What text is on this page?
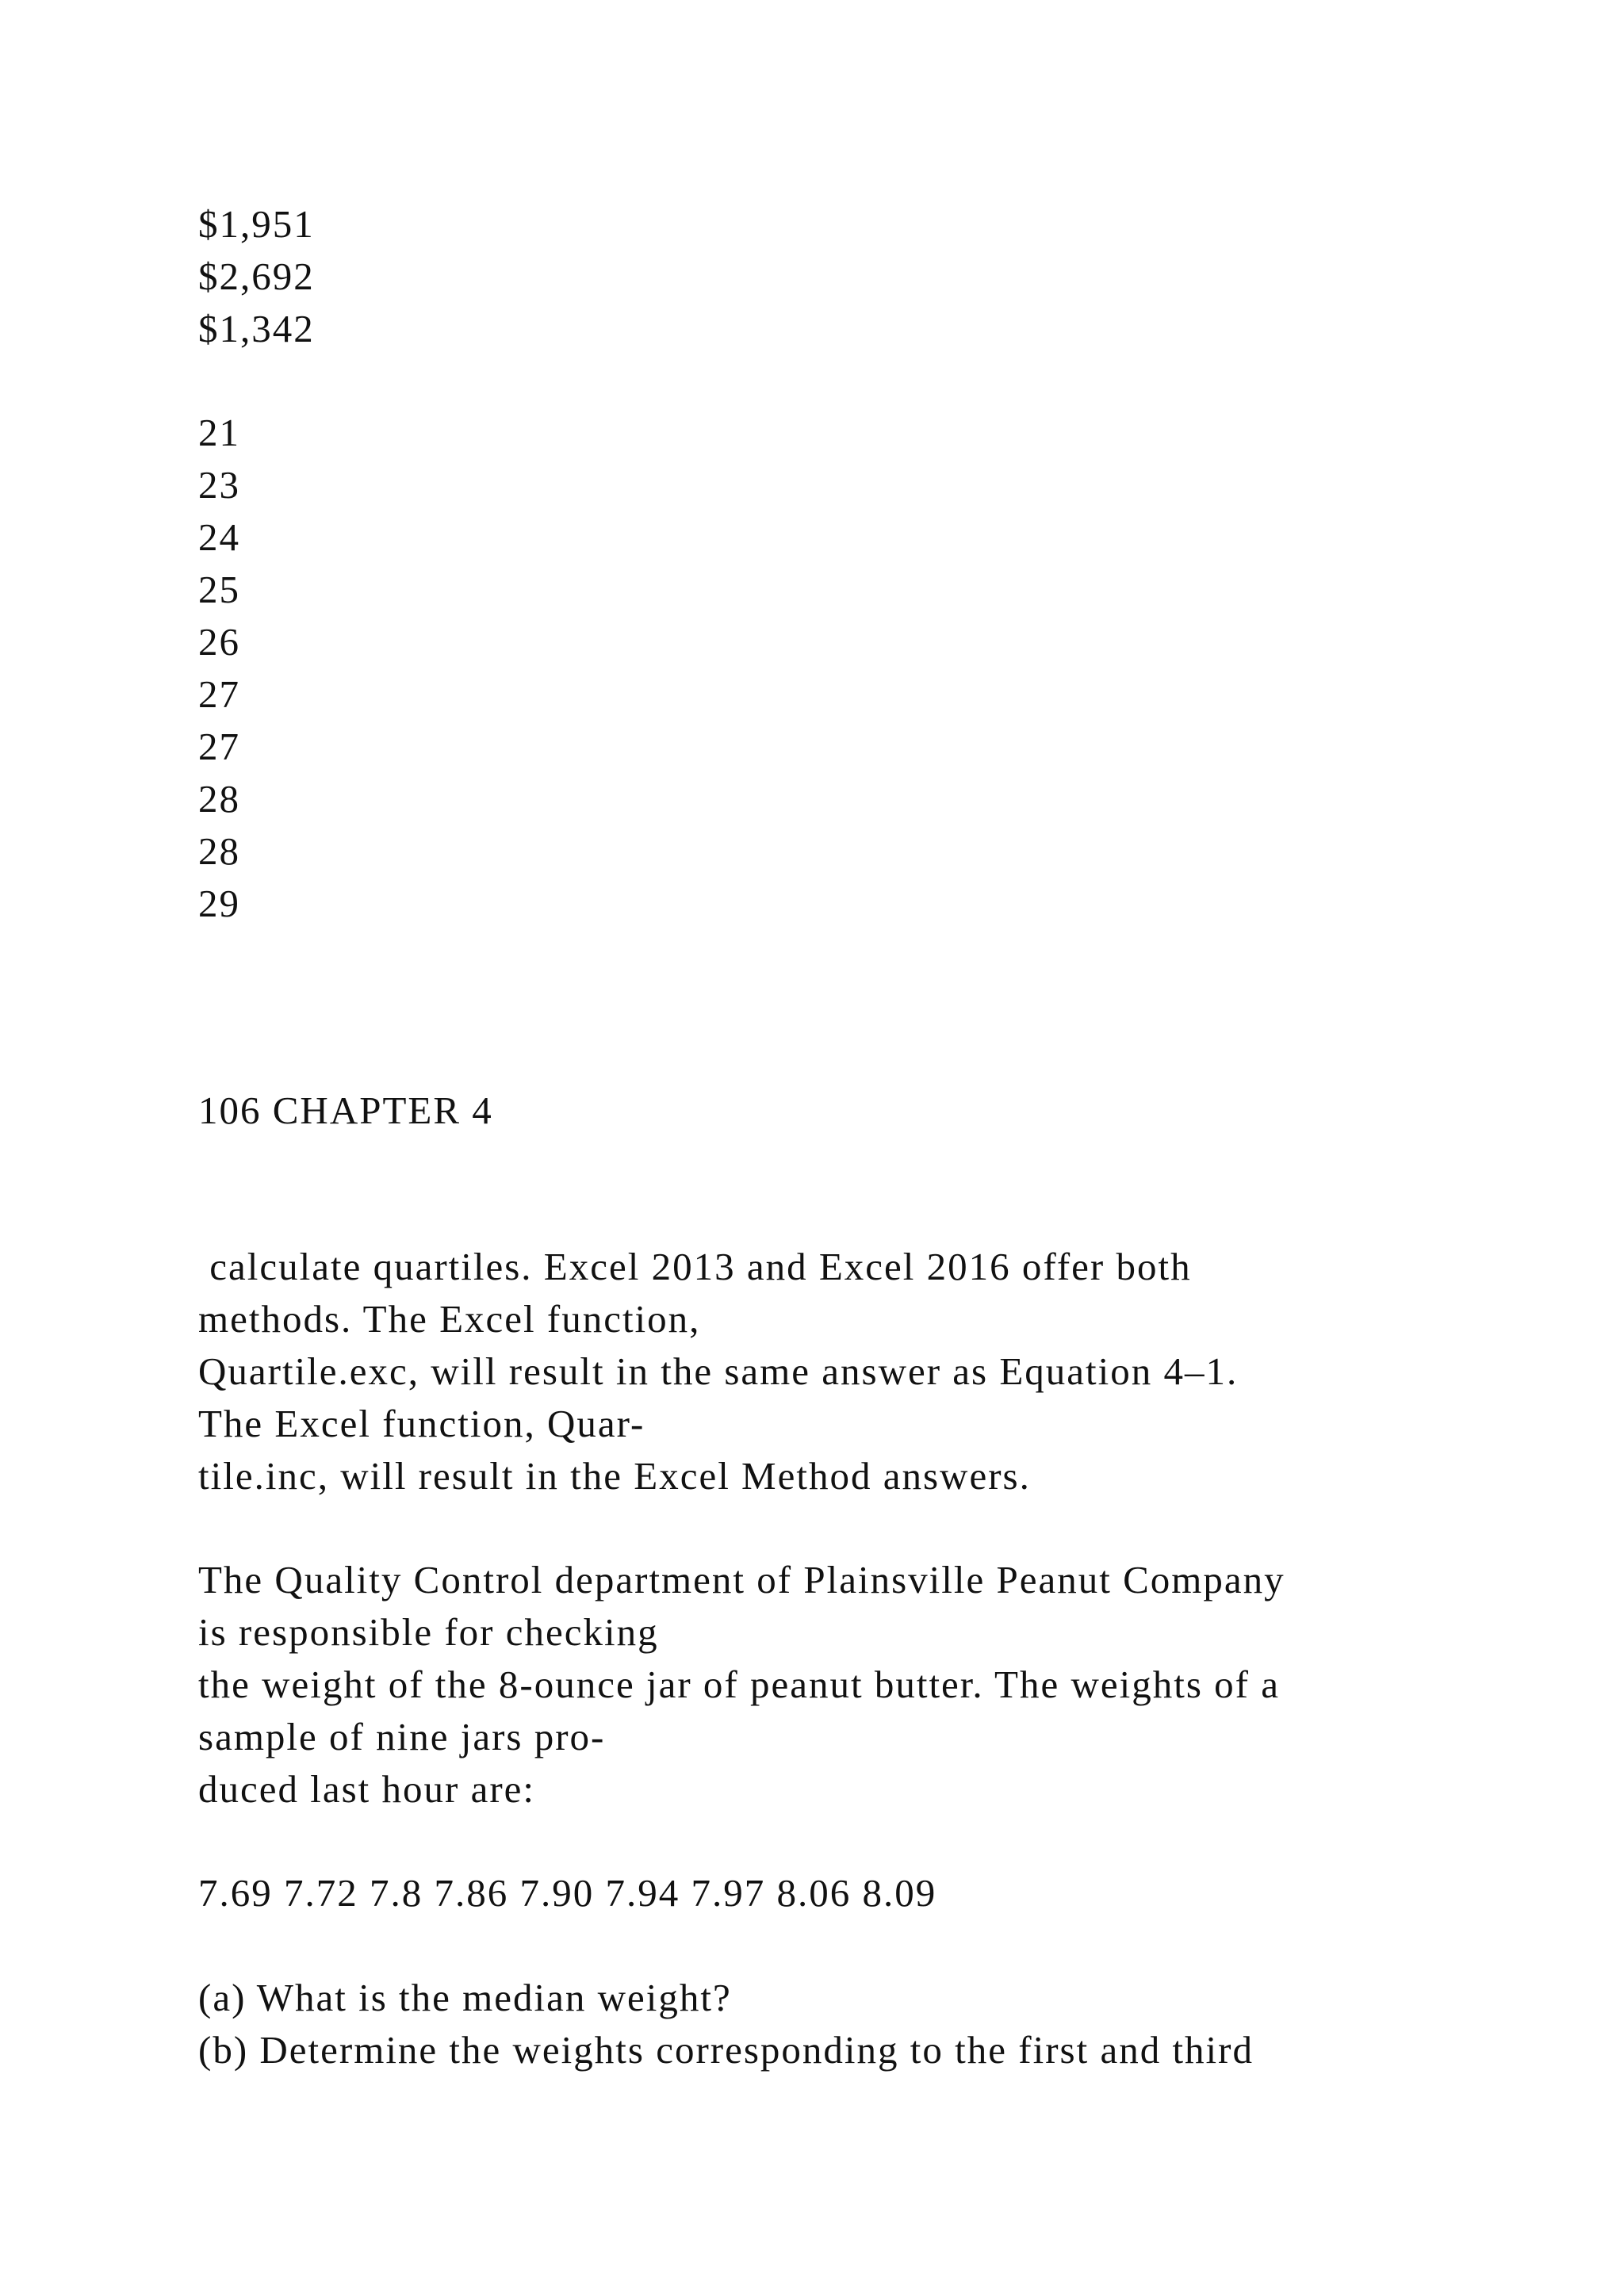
$1,951
$2,692
$1,342
21
23
24
25
26
27
27
28
28
29
106 CHAPTER 4
calculate quartiles. Excel 2013 and Excel 2016 offer both
methods. The Excel function,
Quartile.exc, will result in the same answer as Equation 4–1.
The Excel function, Quar-
tile.inc, will result in the Excel Method answers.
The Quality Control department of Plainsville Peanut Company
is responsible for checking
the weight of the 8-ounce jar of peanut butter. The weights of a
sample of nine jars pro-
duced last hour are:
7.69 7.72 7.8 7.86 7.90 7.94 7.97 8.06 8.09
(a) What is the median weight?
(b) Determine the weights corresponding to the first and third
